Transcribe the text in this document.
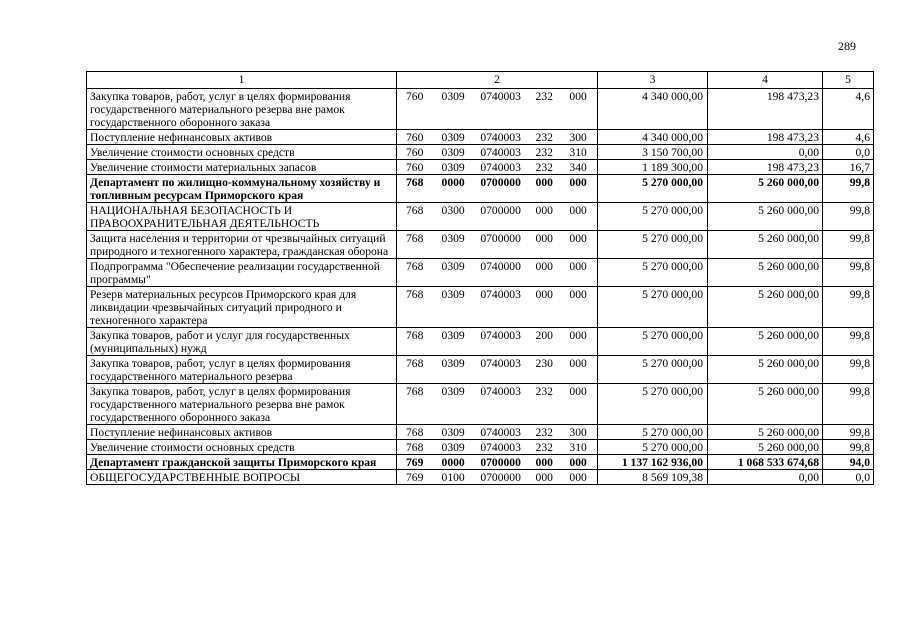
289
1	2	3	4	5
Закупка товаров, работ, услуг в целях формирования государственного материального резерва вне рамок государственного оборонного заказа	760 0309 0740003 232 000	4 340 000,00	198 473,23	4,6
Поступление нефинансовых активов	760 0309 0740003 232 300	4 340 000,00	198 473,23	4,6
Увеличение стоимости основных средств	760 0309 0740003 232 310	3 150 700,00	0,00	0,0
Увеличение стоимости материальных запасов	760 0309 0740003 232 340	1 189 300,00	198 473,23	16,7
Департамент по жилищно-коммунальному хозяйству и топливным ресурсам Приморского края	768 0000 0700000 000 000	5 270 000,00	5 260 000,00	99,8
НАЦИОНАЛЬНАЯ БЕЗОПАСНОСТЬ И ПРАВООХРАНИТЕЛЬНАЯ ДЕЯТЕЛЬНОСТЬ	768 0300 0700000 000 000	5 270 000,00	5 260 000,00	99,8
Защита населения и территории от чрезвычайных ситуаций природного и техногенного характера, гражданская оборона	768 0309 0700000 000 000	5 270 000,00	5 260 000,00	99,8
Подпрограмма "Обеспечение реализации государственной программы"	768 0309 0740000 000 000	5 270 000,00	5 260 000,00	99,8
Резерв материальных ресурсов Приморского края для ликвидации чрезвычайных ситуаций природного и техногенного характера	768 0309 0740003 000 000	5 270 000,00	5 260 000,00	99,8
Закупка товаров, работ и услуг для государственных (муниципальных) нужд	768 0309 0740003 200 000	5 270 000,00	5 260 000,00	99,8
Закупка товаров, работ, услуг в целях формирования государственного материального резерва	768 0309 0740003 230 000	5 270 000,00	5 260 000,00	99,8
Закупка товаров, работ, услуг в целях формирования государственного материального резерва вне рамок государственного оборонного заказа	768 0309 0740003 232 000	5 270 000,00	5 260 000,00	99,8
Поступление нефинансовых активов	768 0309 0740003 232 300	5 270 000,00	5 260 000,00	99,8
Увеличение стоимости основных средств	768 0309 0740003 232 310	5 270 000,00	5 260 000,00	99,8
Департамент гражданской защиты Приморского края	769 0000 0700000 000 000	1 137 162 936,00	1 068 533 674,68	94,0
ОБЩЕГОСУДАРСТВЕННЫЕ ВОПРОСЫ	769 0100 0700000 000 000	8 569 109,38	0,00	0,0
